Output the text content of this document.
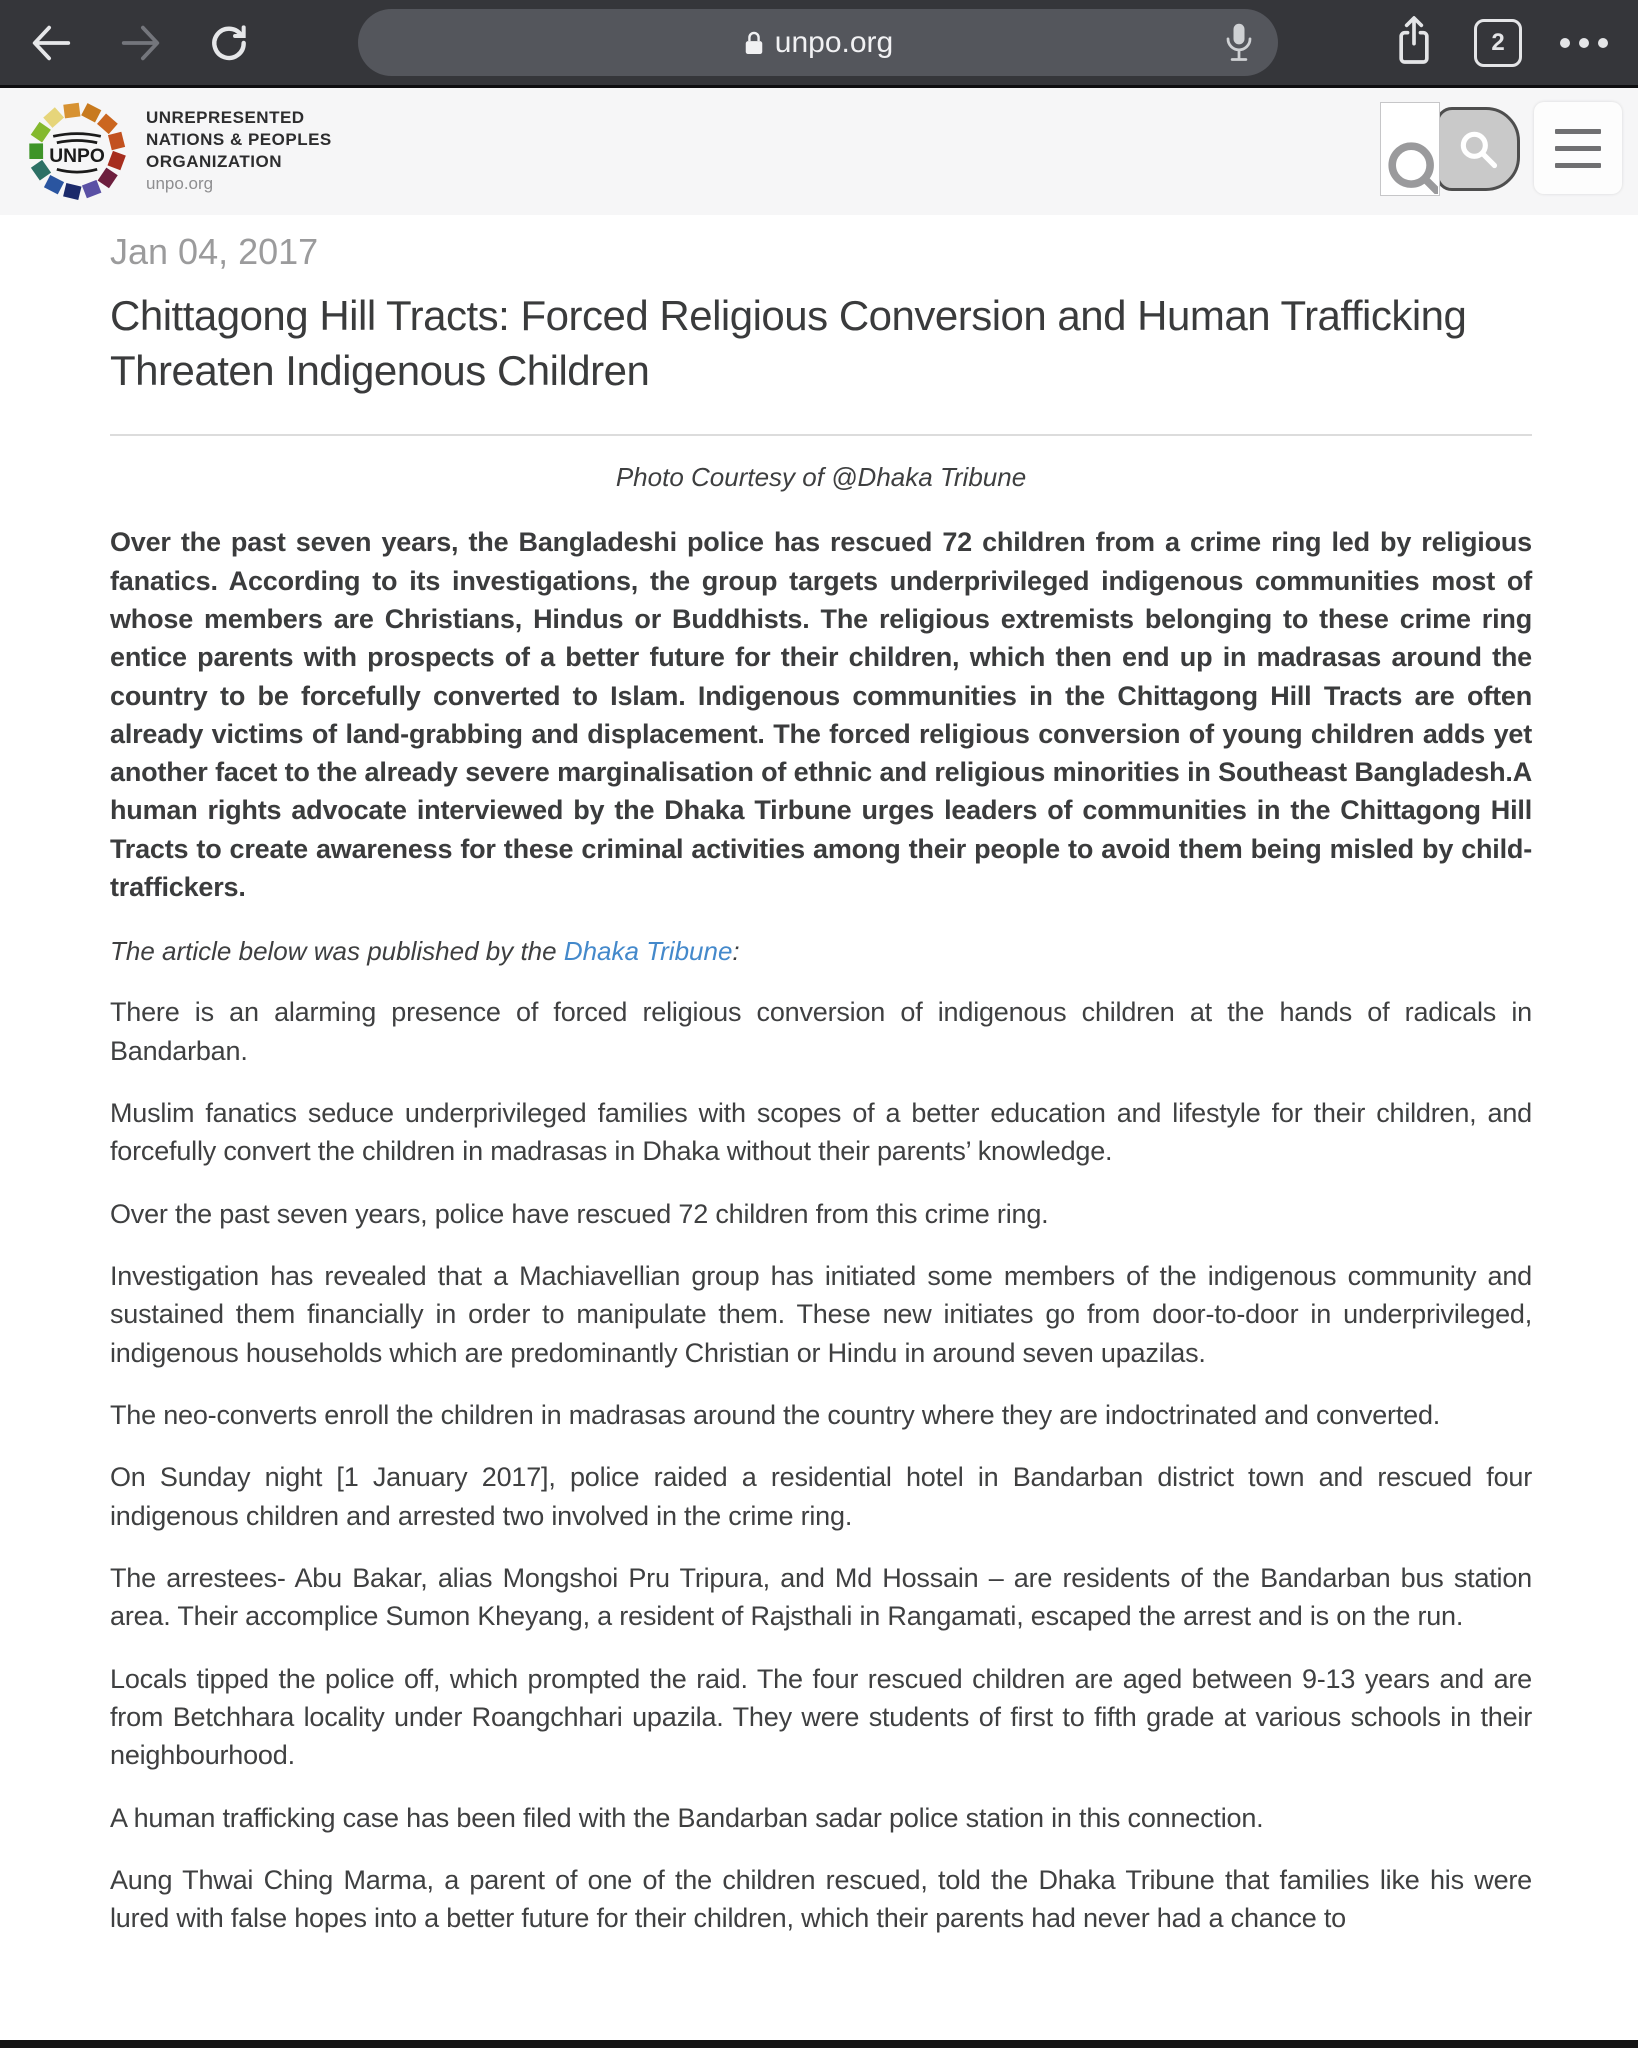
unpo.org	2
UNPO
UNREPRESENTED
NATIONS & PEOPLES
ORGANIZATION
unpo.org
Jan 04, 2017
Chittagong Hill Tracts: Forced Religious Conversion and Human Trafficking Threaten Indigenous Children
Photo Courtesy of @Dhaka Tribune

Over the past seven years, the Bangladeshi police has rescued 72 children from a crime ring led by religious fanatics. According to its investigations, the group targets underprivileged indigenous communities most of whose members are Christians, Hindus or Buddhists. The religious extremists belonging to these crime ring entice parents with prospects of a better future for their children, which then end up in madrasas around the country to be forcefully converted to Islam. Indigenous communities in the Chittagong Hill Tracts are often already victims of land-grabbing and displacement. The forced religious conversion of young children adds yet another facet to the already severe marginalisation of ethnic and religious minorities in Southeast Bangladesh.A human rights advocate interviewed by the Dhaka Tirbune urges leaders of communities in the Chittagong Hill Tracts to create awareness for these criminal activities among their people to avoid them being misled by child-traffickers.

The article below was published by the Dhaka Tribune:

There is an alarming presence of forced religious conversion of indigenous children at the hands of radicals in Bandarban.

Muslim fanatics seduce underprivileged families with scopes of a better education and lifestyle for their children, and forcefully convert the children in madrasas in Dhaka without their parents’ knowledge.

Over the past seven years, police have rescued 72 children from this crime ring.

Investigation has revealed that a Machiavellian group has initiated some members of the indigenous community and sustained them financially in order to manipulate them. These new initiates go from door-to-door in underprivileged, indigenous households which are predominantly Christian or Hindu in around seven upazilas.

The neo-converts enroll the children in madrasas around the country where they are indoctrinated and converted.

On Sunday night [1 January 2017], police raided a residential hotel in Bandarban district town and rescued four indigenous children and arrested two involved in the crime ring.

The arrestees- Abu Bakar, alias Mongshoi Pru Tripura, and Md Hossain – are residents of the Bandarban bus station area. Their accomplice Sumon Kheyang, a resident of Rajsthali in Rangamati, escaped the arrest and is on the run.

Locals tipped the police off, which prompted the raid. The four rescued children are aged between 9-13 years and are from Betchhara locality under Roangchhari upazila. They were students of first to fifth grade at various schools in their neighbourhood.

A human trafficking case has been filed with the Bandarban sadar police station in this connection.

Aung Thwai Ching Marma, a parent of one of the children rescued, told the Dhaka Tribune that families like his were lured with false hopes into a better future for their children, which their parents had never had a chance to
